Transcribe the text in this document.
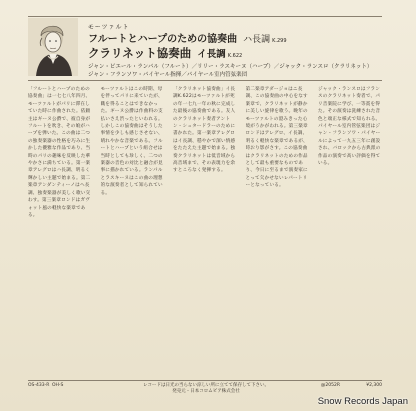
モーツァルト
フルートとハープのための協奏曲 ハ長調 K.299
クラリネット協奏曲 イ長調 K.622
ジャン・ピエール・ランパル（フルート）／リリー・ラスキーヌ（ハープ）／ジャック・ランスロ（クラリネット）
ジャン・フランソワ・パイヤール指揮／パイヤール室内管弦楽団
「フルートとハープのための協奏曲」は一七七八年四月、モーツァルトがパリに滞在していた時に作曲された。依頼主はギーヌ公爵で、彼自身がフルートを吹き、その娘がハープを弾いた。この曲は二つの独奏楽器の性格を巧みに生かした優雅な作品であり、当時のパリの趣味を反映した華やかさに満ちている。第一楽章アレグロはハ長調、明るく輝かしい主題で始まる。第二楽章アンダンティーノはヘ長調、独奏楽器が美しく歌い交わす。第三楽章ロンドはガヴォット風の軽快な楽章である。
モーツァルトはこの時期、母を伴ってパリに来ていたが、職を得ることはできなかった。ギーヌ公爵は作曲料の支払いさえ渋ったといわれる。しかしこの協奏曲はそうした事情を少しも感じさせない、晴れやかな音楽である。フルートとハープという組合せは当時としても珍しく、二つの楽器の音色の対比と融合が見事に描かれている。ランパルとラスキーヌはこの曲の理想的な演奏者として知られている。
「クラリネット協奏曲」イ長調K.622はモーツァルトが死の年一七九一年の秋に完成した最後の協奏曲である。友人のクラリネット奏者アントン・シュタードラーのために書かれた。第一楽章アレグロはイ長調、穏やかで深い情感をたたえた主題で始まる。独奏クラリネットは低音域から高音域まで、その表現力を余すところなく発揮する。
第二楽章アダージョはニ長調、この協奏曲の中心をなす楽章で、クラリネットが静かに美しい旋律を歌う。晩年のモーツァルトの澄みきった心境がうかがわれる。第三楽章ロンドはアレグロ、イ長調、明るく軽快な楽章であるが、時おり影がさす。この協奏曲はクラリネットのための作品として最も重要なものであり、今日に至るまで演奏家にとって欠かせないレパートリーとなっている。
ジャック・ランスロはフランスのクラリネット奏者で、パリ音楽院に学び、一等賞を得た。その演奏は洗練された音色と端正な様式で知られる。パイヤール室内管弦楽団はジャン・フランソワ・パイヤールによって一九五三年に創設され、バロックから古典派の作品の演奏で高い評価を得ている。
OS-433-R OH-S	レコードは日光の当らない涼しい所に立てて保存して下さい。
発売元・日本コロムビア株式会社
@2052R	¥2,300
Snow Records Japan
